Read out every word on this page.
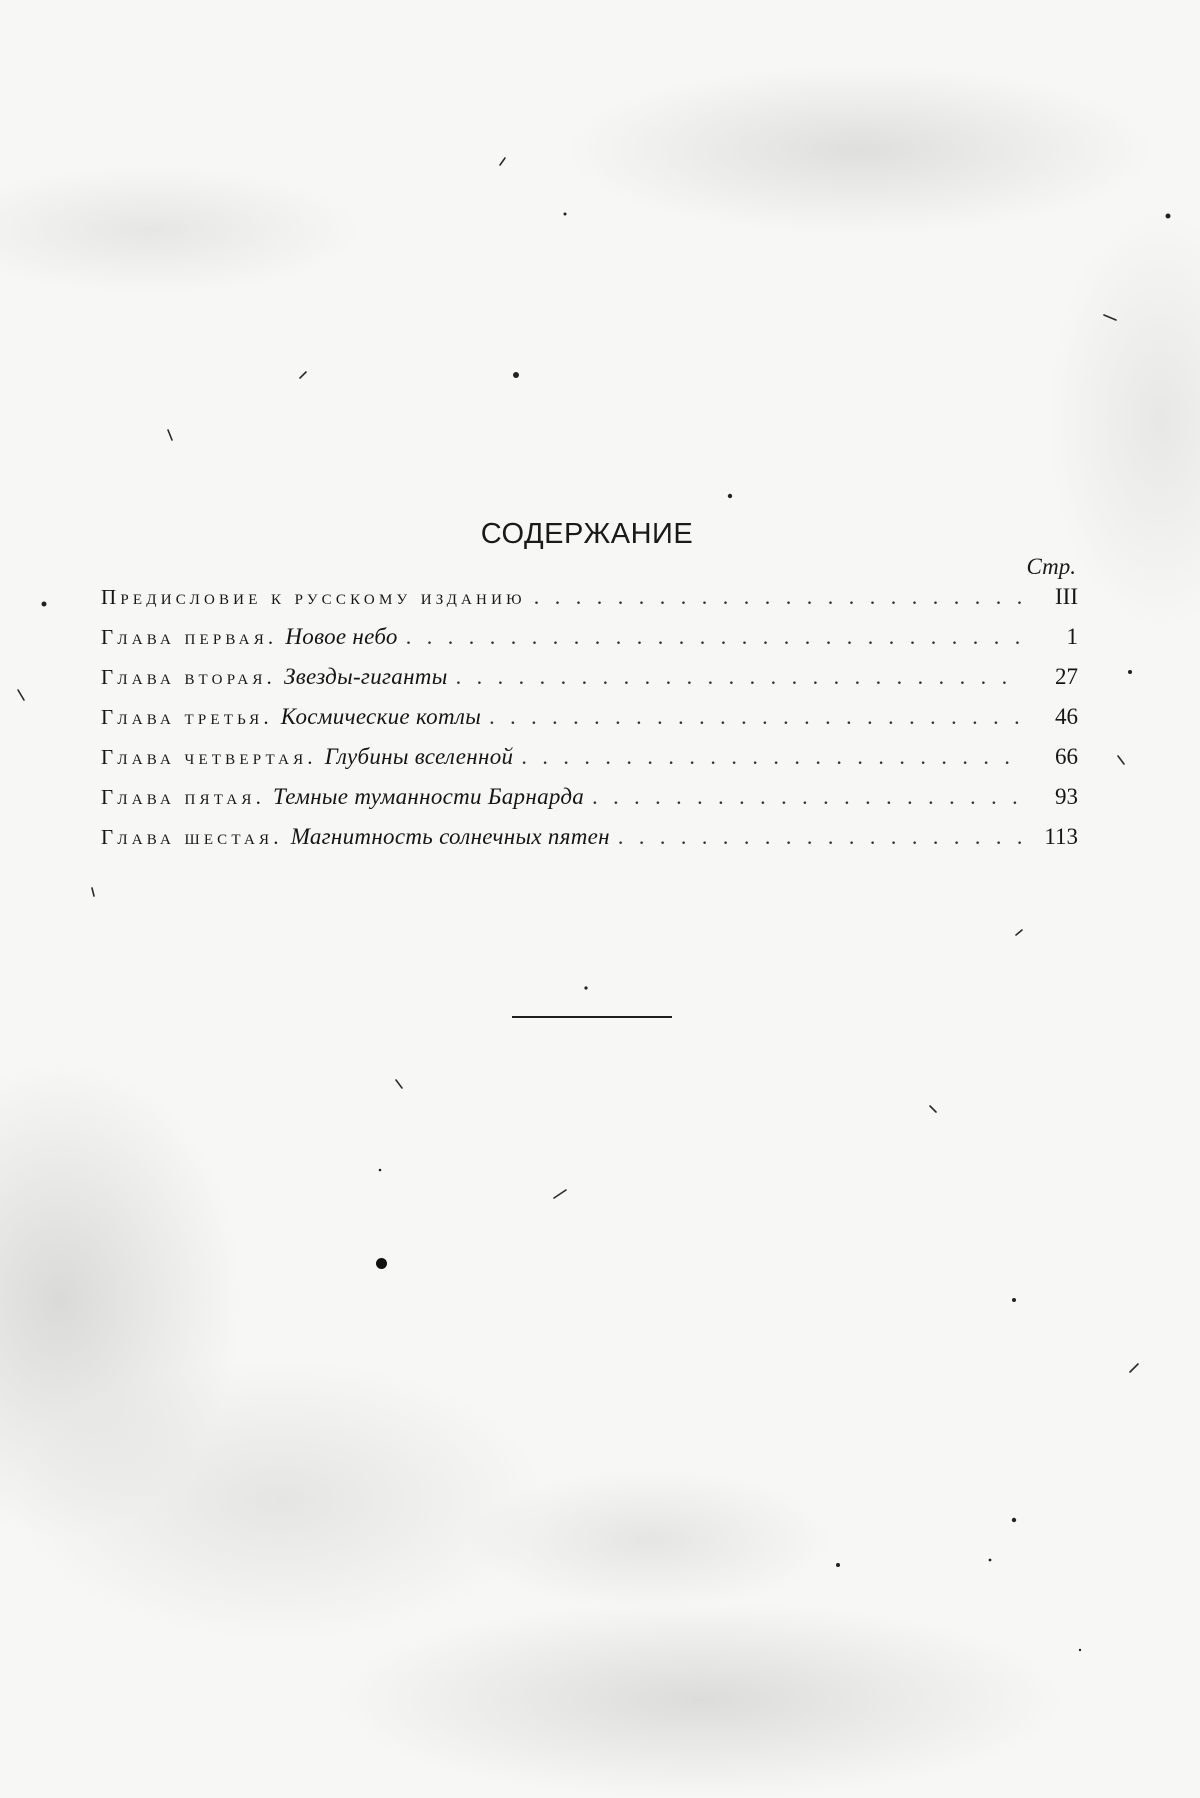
СОДЕРЖАНИЕ
Стр.
Предисловие к русскому изданию . . .	III
Глава первая. Новое небо . . .	1
Глава вторая. Звезды-гиганты . . .	27
Глава третья. Космические котлы . . .	46
Глава четвертая. Глубины вселенной . . .	66
Глава пятая. Темные туманности Барнарда . . .	93
Глава шестая. Магнитность солнечных пятен . . .	113
